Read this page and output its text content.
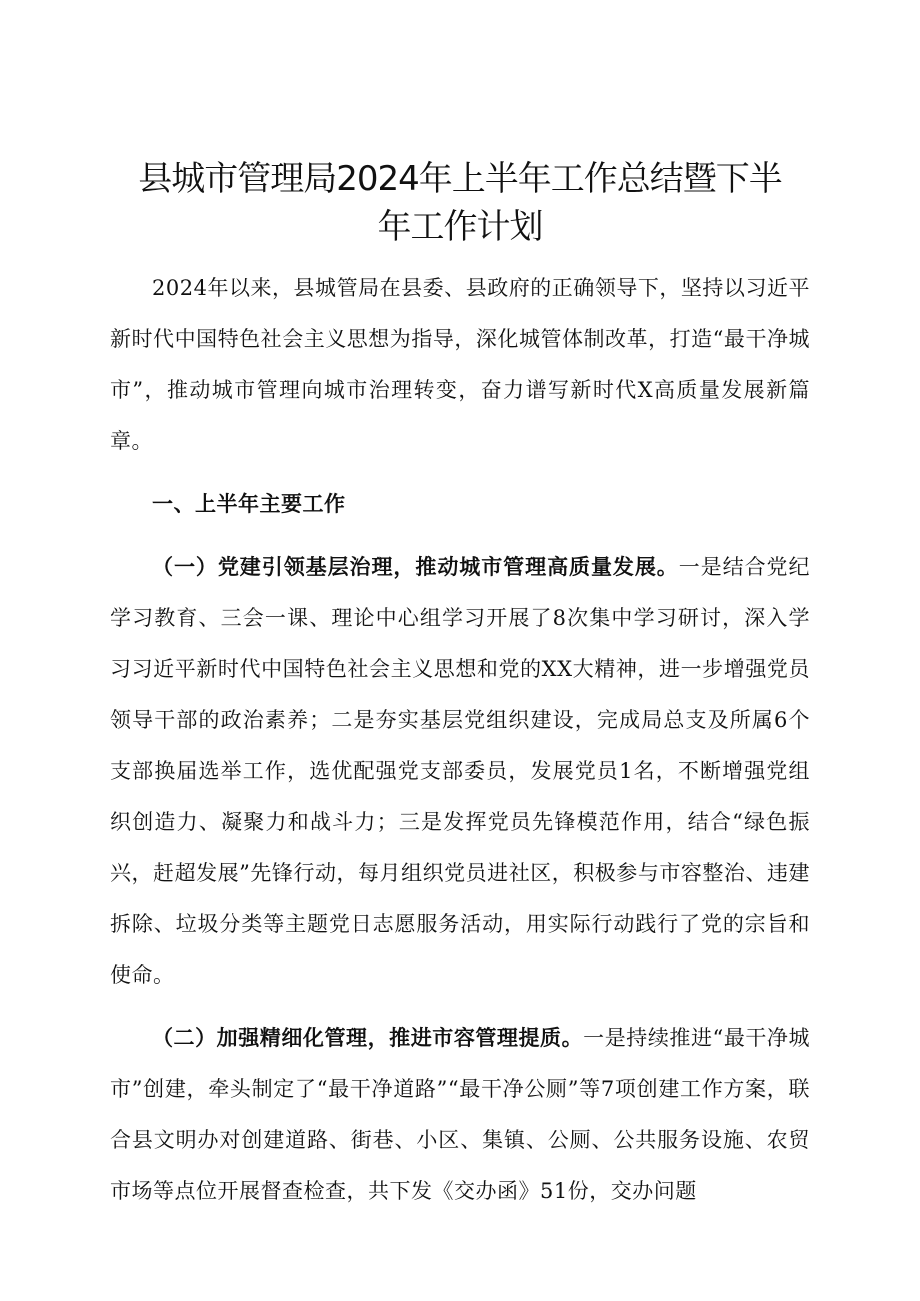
县城市管理局2024年上半年工作总结暨下半
年工作计划

2024年以来，县城管局在县委、县政府的正确领导下，坚持以习近平新时代中国特色社会主义思想为指导，深化城管体制改革，打造“最干净城市”，推动城市管理向城市治理转变，奋力谱写新时代X高质量发展新篇章。

一、上半年主要工作

（一）党建引领基层治理，推动城市管理高质量发展。一是结合党纪学习教育、三会一课、理论中心组学习开展了8次集中学习研讨，深入学习习近平新时代中国特色社会主义思想和党的XX大精神，进一步增强党员领导干部的政治素养；二是夯实基层党组织建设，完成局总支及所属6个支部换届选举工作，选优配强党支部委员，发展党员1名，不断增强党组织创造力、凝聚力和战斗力；三是发挥党员先锋模范作用，结合“绿色振兴，赶超发展”先锋行动，每月组织党员进社区，积极参与市容整治、违建拆除、垃圾分类等主题党日志愿服务活动，用实际行动践行了党的宗旨和使命。

（二）加强精细化管理，推进市容管理提质。一是持续推进“最干净城市”创建，牵头制定了“最干净道路”“最干净公厕”等7项创建工作方案，联合县文明办对创建道路、街巷、小区、集镇、公厕、公共服务设施、农贸市场等点位开展督查检查，共下发《交办函》51份，交办问题
